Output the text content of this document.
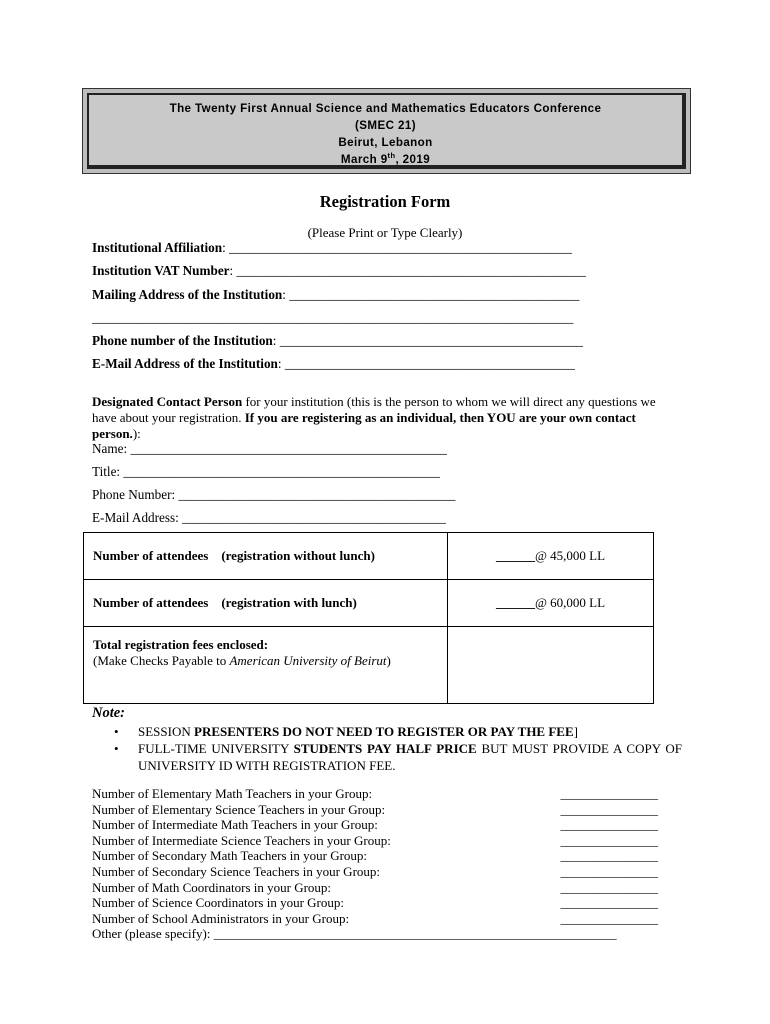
The Twenty First Annual Science and Mathematics Educators Conference
(SMEC 21)
Beirut, Lebanon
March 9th, 2019
Registration Form
(Please Print or Type Clearly)
Institutional Affiliation: ____________________________________________________
Institution VAT Number: _____________________________________________________
Mailing Address of the Institution: ____________________________________________
_________________________________________________________________________
Phone number of the Institution: ______________________________________________
E-Mail Address of the Institution: ____________________________________________
Designated Contact Person for your institution (this is the person to whom we will direct any questions we have about your registration. If you are registering as an individual, then YOU are your own contact person.):
Name: ________________________________________________
Title: ________________________________________________
Phone Number: __________________________________________
E-Mail Address: ________________________________________
Number of attendees (registration without lunch)	______@ 45,000 LL
Number of attendees (registration with lunch)	______@ 60,000 LL

Total registration fees enclosed:
(Make Checks Payable to American University of Beirut)	

Note:
• SESSION PRESENTERS DO NOT NEED TO REGISTER OR PAY THE FEE]
• FULL-TIME UNIVERSITY STUDENTS PAY HALF PRICE BUT MUST PROVIDE A COPY OF UNIVERSITY ID WITH REGISTRATION FEE.
Number of Elementary Math Teachers in your Group:	_______________
Number of Elementary Science Teachers in your Group:	_______________
Number of Intermediate Math Teachers in your Group:	_______________
Number of Intermediate Science Teachers in your Group:	_______________
Number of Secondary Math Teachers in your Group:	_______________
Number of Secondary Science Teachers in your Group:	_______________
Number of Math Coordinators in your Group:	_______________
Number of Science Coordinators in your Group:	_______________
Number of School Administrators in your Group:	_______________
Other (please specify): ______________________________________________________________
